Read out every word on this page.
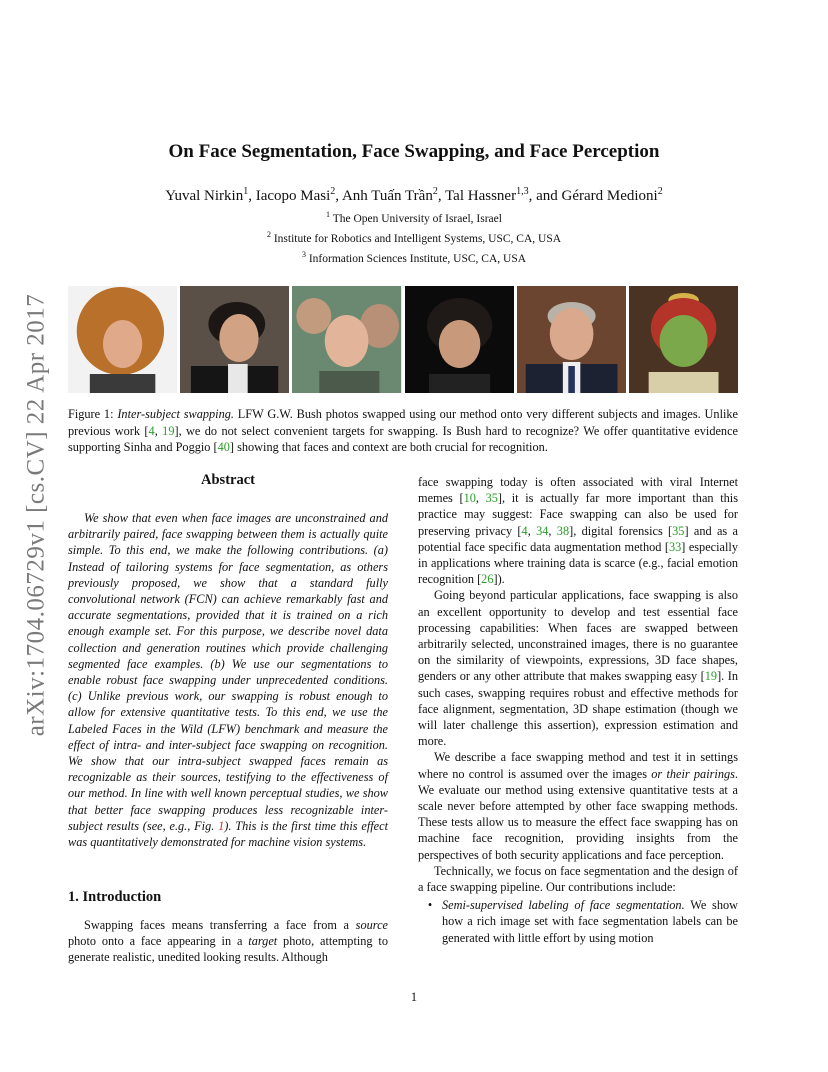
arXiv:1704.06729v1 [cs.CV] 22 Apr 2017
On Face Segmentation, Face Swapping, and Face Perception
Yuval Nirkin$^1$, Iacopo Masi$^2$, Anh Tuấn Trần$^2$, Tal Hassner$^{1,3}$, and Gérard Medioni$^2$
$^1$ The Open University of Israel, Israel
$^2$ Institute for Robotics and Intelligent Systems, USC, CA, USA
$^3$ Information Sciences Institute, USC, CA, USA
Figure 1: Inter-subject swapping. LFW G.W. Bush photos swapped using our method onto very different subjects and images. Unlike previous work [4, 19], we do not select convenient targets for swapping. Is Bush hard to recognize? We offer quantitative evidence supporting Sinha and Poggio [40] showing that faces and context are both crucial for recognition.
Abstract

We show that even when face images are unconstrained and arbitrarily paired, face swapping between them is actually quite simple. To this end, we make the following contributions. (a) Instead of tailoring systems for face segmentation, as others previously proposed, we show that a standard fully convolutional network (FCN) can achieve remarkably fast and accurate segmentations, provided that it is trained on a rich enough example set. For this purpose, we describe novel data collection and generation routines which provide challenging segmented face examples. (b) We use our segmentations to enable robust face swapping under unprecedented conditions. (c) Unlike previous work, our swapping is robust enough to allow for extensive quantitative tests. To this end, we use the Labeled Faces in the Wild (LFW) benchmark and measure the effect of intra- and inter-subject face swapping on recognition. We show that our intra-subject swapped faces remain as recognizable as their sources, testifying to the effectiveness of our method. In line with well known perceptual studies, we show that better face swapping produces less recognizable inter-subject results (see, e.g., Fig. 1). This is the first time this effect was quantitatively demonstrated for machine vision systems.

1. Introduction
Swapping faces means transferring a face from a source photo onto a face appearing in a target photo, attempting to generate realistic, unedited looking results. Although

face swapping today is often associated with viral Internet memes [10, 35], it is actually far more important than this practice may suggest: Face swapping can also be used for preserving privacy [4, 34, 38], digital forensics [35] and as a potential face specific data augmentation method [33] especially in applications where training data is scarce (e.g., facial emotion recognition [26]).

Going beyond particular applications, face swapping is also an excellent opportunity to develop and test essential face processing capabilities: When faces are swapped between arbitrarily selected, unconstrained images, there is no guarantee on the similarity of viewpoints, expressions, 3D face shapes, genders or any other attribute that makes swapping easy [19]. In such cases, swapping requires robust and effective methods for face alignment, segmentation, 3D shape estimation (though we will later challenge this assertion), expression estimation and more.

We describe a face swapping method and test it in settings where no control is assumed over the images or their pairings. We evaluate our method using extensive quantitative tests at a scale never before attempted by other face swapping methods. These tests allow us to measure the effect face swapping has on machine face recognition, providing insights from the perspectives of both security applications and face perception.

Technically, we focus on face segmentation and the design of a face swapping pipeline. Our contributions include:

• Semi-supervised labeling of face segmentation. We show how a rich image set with face segmentation labels can be generated with little effort by using motion
1
